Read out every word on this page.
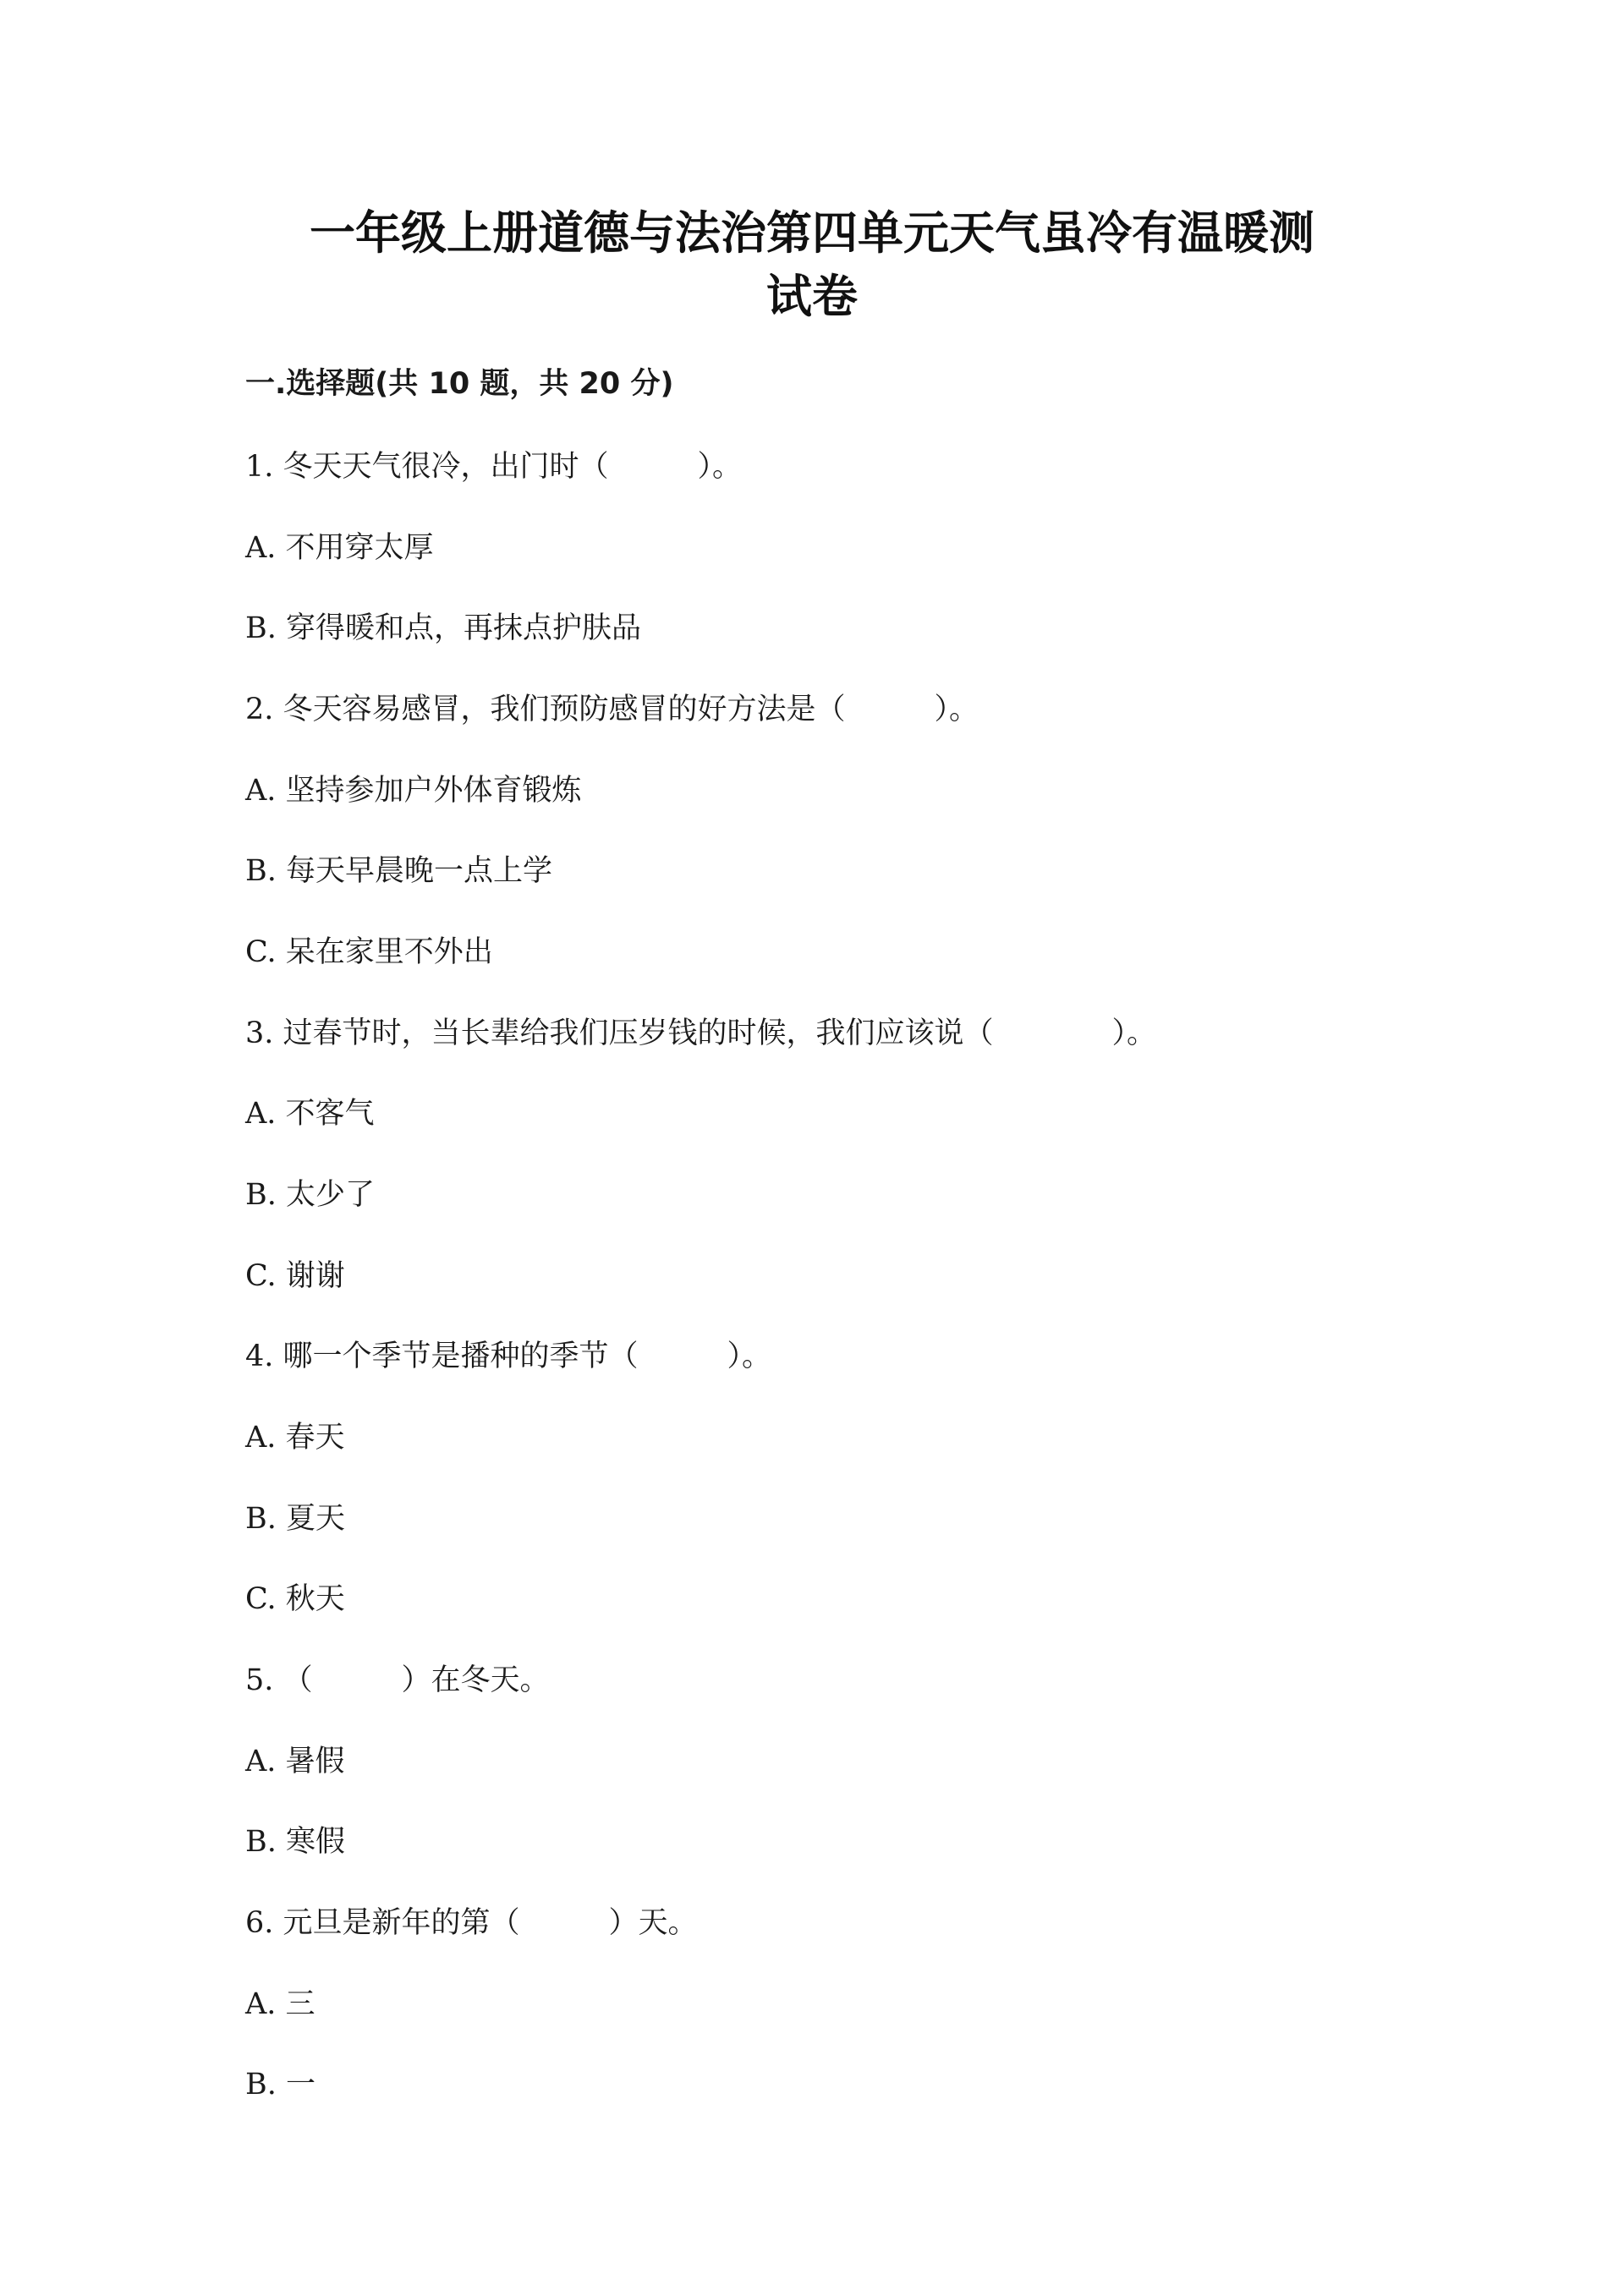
一年级上册道德与法治第四单元天气虽冷有温暖测
试卷
一.选择题(共 10 题，共 20 分)

1. 冬天天气很冷，出门时（　　　）。

A. 不用穿太厚

B. 穿得暖和点，再抹点护肤品

2. 冬天容易感冒，我们预防感冒的好方法是（　　　）。

A. 坚持参加户外体育锻炼

B. 每天早晨晚一点上学

C. 呆在家里不外出

3. 过春节时，当长辈给我们压岁钱的时候，我们应该说（　　　　）。

A. 不客气

B. 太少了

C. 谢谢

4. 哪一个季节是播种的季节（　　　）。

A. 春天

B. 夏天

C. 秋天

5. （　　　）在冬天。

A. 暑假

B. 寒假

6. 元旦是新年的第（　　　）天。

A. 三

B. 一
